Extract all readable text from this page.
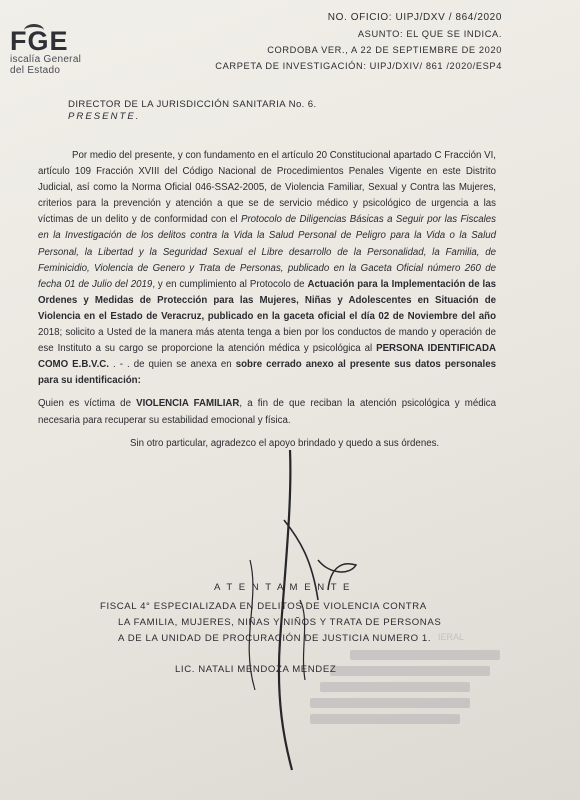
FGE
iscalía General
del Estado
NO. OFICIO: UIPJ/DXV / 864/2020
ASUNTO: EL QUE SE INDICA.
CORDOBA VER., A 22 DE SEPTIEMBRE DE 2020
CARPETA DE INVESTIGACIÓN: UIPJ/DXIV/ 861 /2020/ESP4
DIRECTOR DE LA JURISDICCIÓN SANITARIA No. 6.
PRESENTE.

Por medio del presente, y con fundamento en el artículo 20 Constitucional apartado C Fracción VI, artículo 109 Fracción XVIII del Código Nacional de Procedimientos Penales Vigente en este Distrito Judicial, así como la Norma Oficial 046-SSA2-2005, de Violencia Familiar, Sexual y Contra las Mujeres, criterios para la prevención y atención a que se de servicio médico y psicológico de urgencia a las víctimas de un delito y de conformidad con el Protocolo de Diligencias Básicas a Seguir por las Fiscales en la Investigación de los delitos contra la Vida la Salud Personal de Peligro para la Vida o la Salud Personal, la Libertad y la Seguridad Sexual el Libre desarrollo de la Personalidad, la Familia, de Feminicidio, Violencia de Genero y Trata de Personas, publicado en la Gaceta Oficial número 260 de fecha 01 de Julio del 2019, y en cumplimiento al Protocolo de Actuación para la Implementación de las Ordenes y Medidas de Protección para las Mujeres, Niñas y Adolescentes en Situación de Violencia en el Estado de Veracruz, publicado en la gaceta oficial el día 02 de Noviembre del año 2018; solicito a Usted de la manera más atenta tenga a bien por los conductos de mando y operación de ese Instituto a su cargo se proporcione la atención médica y psicológica al PERSONA IDENTIFICADA COMO E.B.V.C. . - . de quien se anexa en sobre cerrado anexo al presente sus datos personales para su identificación:

Quien es víctima de VIOLENCIA FAMILIAR, a fin de que reciban la atención psicológica y médica necesaria para recuperar su estabilidad emocional y física.

Sin otro particular, agradezco el apoyo brindado y quedo a sus órdenes.

IERAL
A T E N T A M E N T E
FISCAL 4° ESPECIALIZADA EN DELITOS DE VIOLENCIA CONTRA
LA FAMILIA, MUJERES, NIÑAS Y NIÑOS Y TRATA DE PERSONAS
A DE LA UNIDAD DE PROCURACIÓN DE JUSTICIA NUMERO 1.
LIC. NATALI MENDOZA MENDEZ
